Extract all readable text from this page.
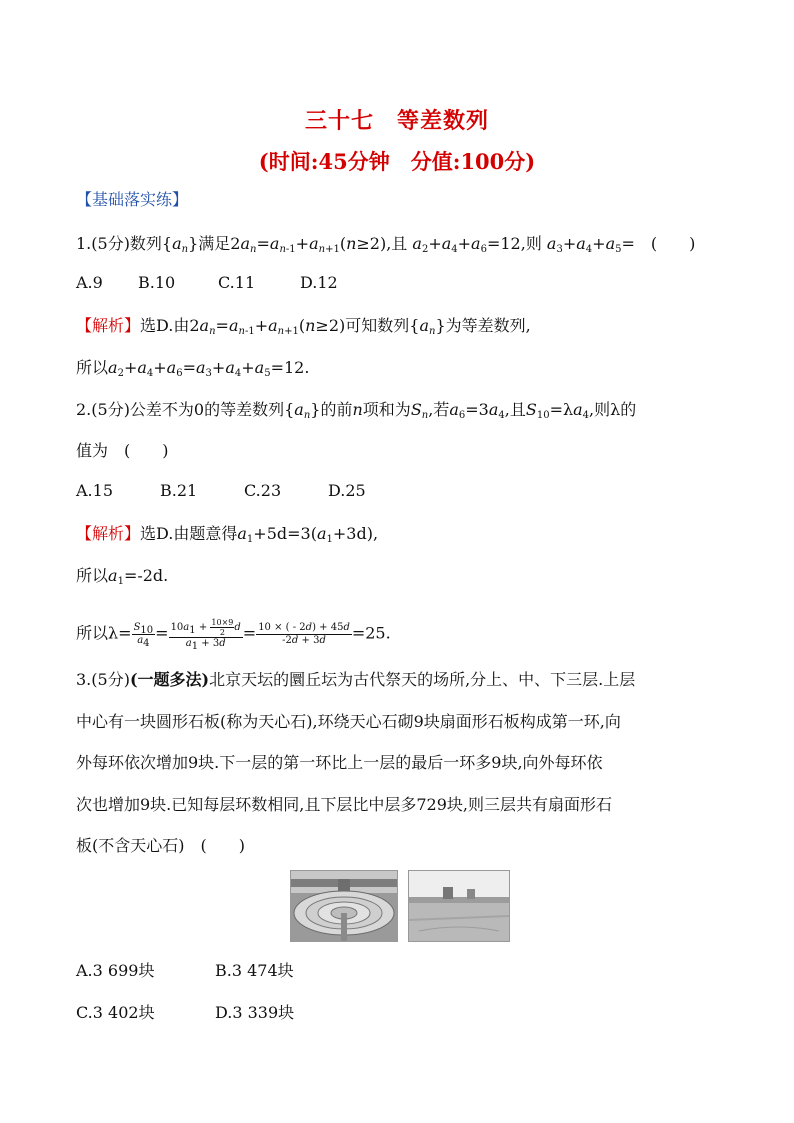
三十七　等差数列
(时间:45分钟　分值:100分)
【基础落实练】
1.(5分)数列$\{a_n\}$满足$2a_n=a_{n-1}+a_{n+1}(n\ge 2)$,且 $a_2+a_4+a_6=12$,则 $a_3+a_4+a_5=$　(　　)
A.9 B.10	C.11	D.12
【解析】选D.由$2a_n=a_{n-1}+a_{n+1}(n\ge 2)$可知数列$\{a_n\}$为等差数列,
所以$a_2+a_4+a_6=a_3+a_4+a_5=12$.
2.(5分)公差不为0的等差数列$\{a_n\}$的前n项和为$S_n$,若$a_6=3a_4$,且$S_{10}=\lambda a_4$,则λ的
值为　(　　)
A.15	B.21	C.23	D.25
【解析】选D.由题意得$a_1+5d=3(a_1+3d)$,
所以$a_1=-2d$.
所以$\lambda= \frac{S_{10}}{a_4} = \frac{10a_1 + \frac{10\times 9}{2} d}{a_1 + 3d} = \frac{10 \times ( - 2d) + 45d}{-2d + 3d} =25$.
3.(5分)(一题多法)北京天坛的圜丘坛为古代祭天的场所,分上、中、下三层.上层
中心有一块圆形石板(称为天心石),环绕天心石砌9块扇面形石板构成第一环,向
外每环依次增加9块.下一层的第一环比上一层的最后一环多9块,向外每环依
次也增加9块.已知每层环数相同,且下层比中层多729块,则三层共有扇面形石
板(不含天心石)　(　　)
A.3 699块	B.3 474块
C.3 402块	D.3 339块
